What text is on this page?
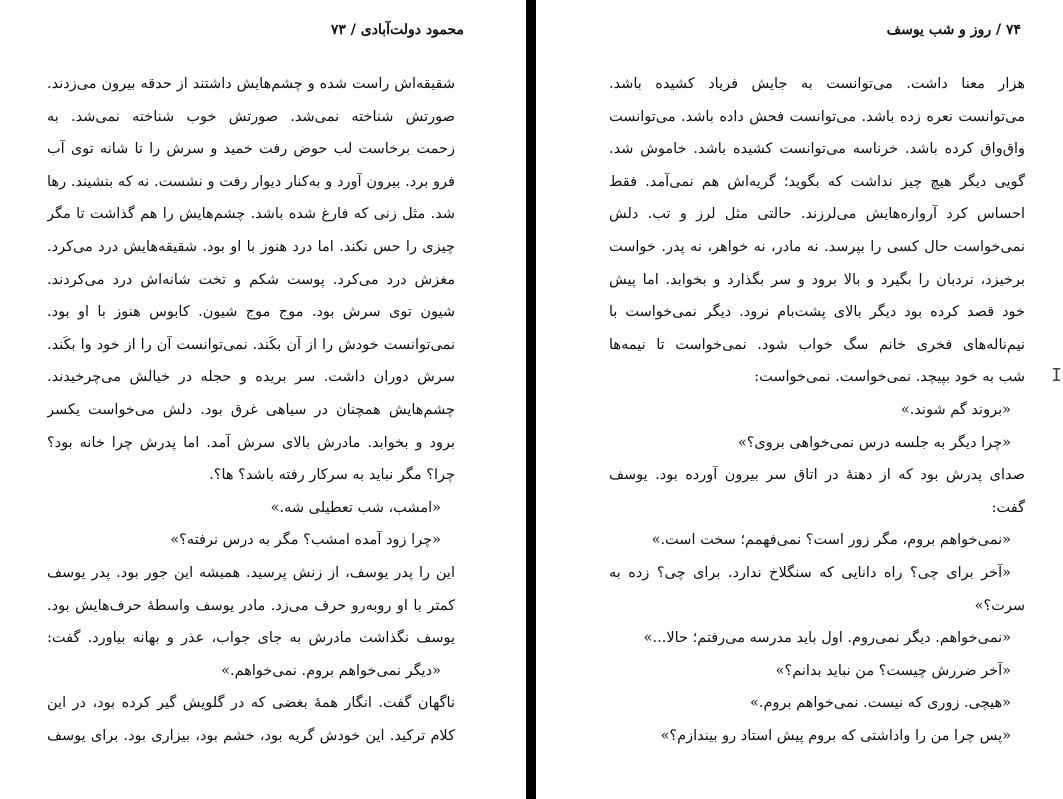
محمود دولت‌آبادی / ۷۳
شقیقه‌اش راست شده و چشم‌هایش داشتند از حدقه بیرون می‌زدند.
صورتش شناخته نمی‌شد. صورتش خوب شناخته نمی‌شد. به
زحمت برخاست لب حوض رفت خمید و سرش را تا شانه توی آب
فرو برد. بیرون آورد و به‌کنار دیوار رفت و نشست. نه که بنشیند. رها
شد. مثل زنی که فارغ شده باشد. چشم‌هایش را هم گذاشت تا مگر
چیزی را حس نکند. اما درد هنوز با او بود. شقیقه‌هایش درد می‌کرد.
مغزش درد می‌کرد. پوست شکم و تخت شانه‌اش درد می‌کردند.
شیون توی سرش بود. موج موج شیون. کابوس هنوز با او بود.
نمی‌توانست خودش را از آن بکَند. نمی‌توانست آن را از خود وا بکَند.
سرش دوران داشت. سر بریده و حجله در خیالش می‌چرخیدند.
چشم‌هایش همچنان در سیاهی غرق بود. دلش می‌خواست یکسر
برود و بخوابد. مادرش بالای سرش آمد. اما پدرش چرا خانه بود؟
چرا؟ مگر نباید به سرکار رفته باشد؟ ها؟.
«امشب، شب تعطیلی شه.»
«چرا زود آمده امشب؟ مگر به درس نرفته؟»
این را پدر یوسف، از زنش پرسید. همیشه این جور بود. پدر یوسف
کمتر با او روبه‌رو حرف می‌زد. مادر یوسف واسطهٔ حرف‌هایش بود.
یوسف نگذاشت مادرش به جای جواب، عذر و بهانه بیاورد. گفت:
«دیگر نمی‌خواهم بروم. نمی‌خواهم.»
ناگهان گفت. انگار همهٔ بغضی که در گلویش گیر کرده بود، در این
کلام ترکید. این خودش گریه بود، خشم بود، بیزاری بود. برای یوسف
۷۴ / روز و شب یوسف
هزار معنا داشت. می‌توانست به جایش فریاد کشیده باشد.
می‌توانست نعره زده باشد. می‌توانست فحش داده باشد. می‌توانست
واق‌واق کرده باشد. خرناسه می‌توانست کشیده باشد. خاموش شد.
گویی دیگر هیچ چیز نداشت که بگوید؛ گریه‌اش هم نمی‌آمد. فقط
احساس کرد آرواره‌هایش می‌لرزند. حالتی مثل لرز و تب. دلش
نمی‌خواست حال کسی را بپرسد. نه مادر، نه خواهر، نه پدر. خواست
برخیزد، نردبان را بگیرد و بالا برود و سر بگذارد و بخوابد. اما پیش
خود قصد کرده بود دیگر بالای پشت‌بام نرود. دیگر نمی‌خواست با
نیم‌ناله‌های فخری خانم سگ خواب شود. نمی‌خواست تا نیمه‌ها
شب به خود بپیچد. نمی‌خواست. نمی‌خواست:
«بروند گم شوند.»
«چرا دیگر به جلسه درس نمی‌خواهی بروی؟»
صدای پدرش بود که از دهنهٔ در اتاق سر بیرون آورده بود. یوسف
گفت:
«نمی‌خواهم بروم، مگر زور است؟ نمی‌فهمم؛ سخت است.»
«آخر برای چی؟ راه دانایی که سنگلاخ ندارد. برای چی؟ زده به
سرت؟»
«نمی‌خواهم. دیگر نمی‌روم. اول باید مدرسه می‌رفتم؛ حالا...»
«آخر ضررش چیست؟ من نباید بدانم؟»
«هیچی. زوری که نیست. نمی‌خواهم بروم.»
«پس چرا من را واداشتی که بروم پیش استاد رو بیندازم؟»
I
